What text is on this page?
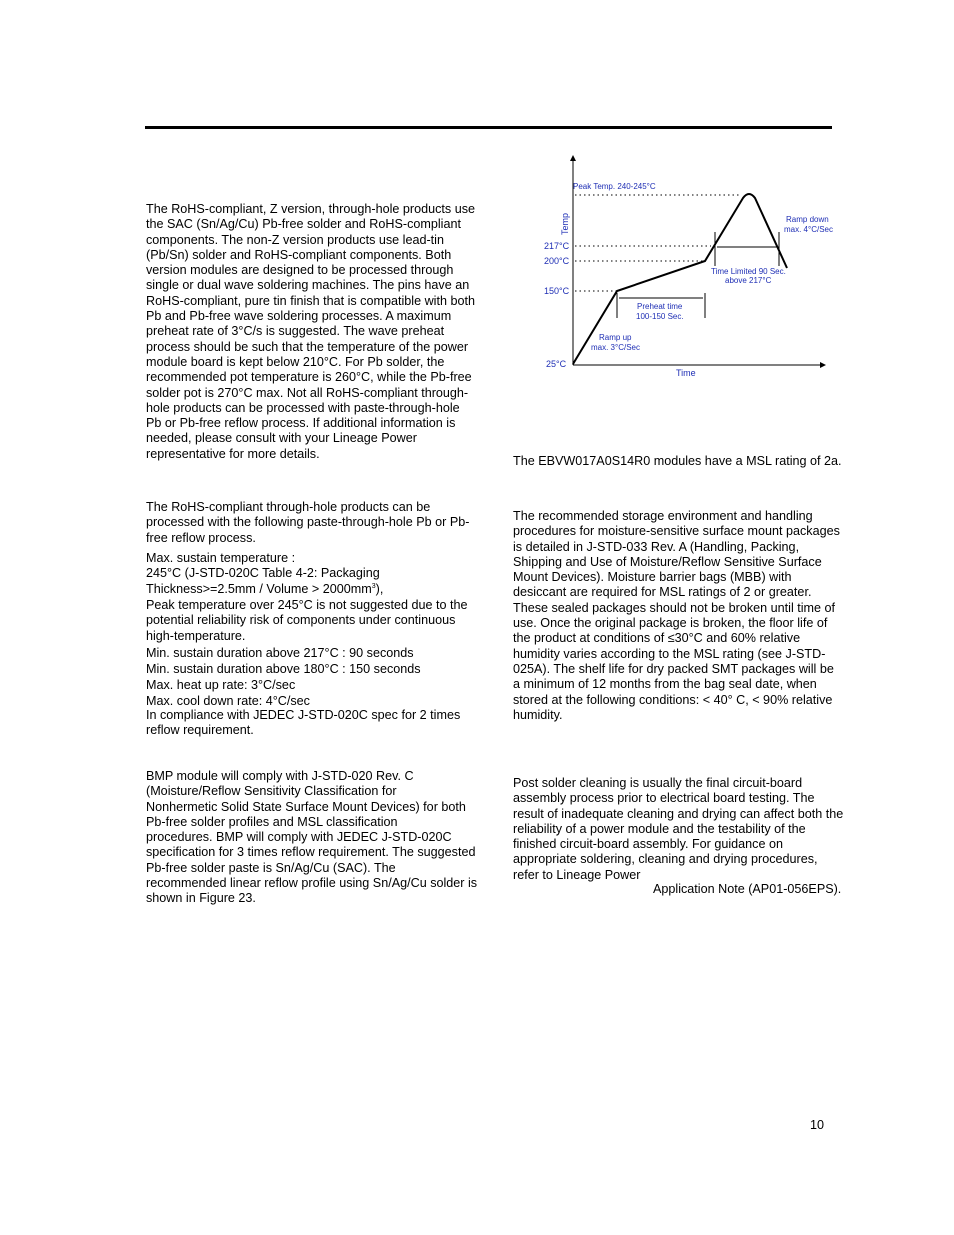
The RoHS-compliant, Z version, through-hole products use
the SAC (Sn/Ag/Cu) Pb-free solder and RoHS-compliant
components. The non-Z version products use lead-tin
(Pb/Sn) solder and RoHS-compliant components. Both
version modules are designed to be processed through
single or dual wave soldering machines. The pins have an
RoHS-compliant, pure tin finish that is compatible with both
Pb and Pb-free wave soldering processes. A maximum
preheat rate of 3°C/s is suggested. The wave preheat
process should be such that the temperature of the power
module board is kept below 210°C. For Pb solder, the
recommended pot temperature is 260°C, while the Pb-free
solder pot is 270°C max. Not all RoHS-compliant through-
hole products can be processed with paste-through-hole
Pb or Pb-free reflow process. If additional information is
needed, please consult with your Lineage Power
representative for more details.
The RoHS-compliant through-hole products can be
processed with the following paste-through-hole Pb or Pb-
free reflow process.
Max. sustain temperature :
245°C (J-STD-020C Table 4-2: Packaging
Thickness>=2.5mm / Volume > $2000mm^3$),
Peak temperature over 245°C is not suggested due to the
potential reliability risk of components under continuous
high-temperature.
Min. sustain duration above 217°C : 90 seconds
Min. sustain duration above 180°C : 150 seconds
Max. heat up rate: 3°C/sec
Max. cool down rate: 4°C/sec
In compliance with JEDEC J-STD-020C spec for 2 times
reflow requirement.
BMP module will comply with J-STD-020 Rev. C
(Moisture/Reflow Sensitivity Classification for
Nonhermetic Solid State Surface Mount Devices) for both
Pb-free solder profiles and MSL classification
procedures. BMP will comply with JEDEC J-STD-020C
specification for 3 times reflow requirement. The suggested
Pb-free solder paste is Sn/Ag/Cu (SAC). The
recommended linear reflow profile using Sn/Ag/Cu solder is
shown in Figure 23.
Temp
Time
Peak Temp. 240-245°C
217°C
200°C
150°C
25°C
Ramp down
max. 4°C/Sec
Time Limited 90 Sec.
above 217°C
Preheat time
100-150 Sec.
Ramp up
max. 3°C/Sec
The EBVW017A0S14R0 modules have a MSL rating of 2a.
The recommended storage environment and handling
procedures for moisture-sensitive surface mount packages
is detailed in J-STD-033 Rev. A (Handling, Packing,
Shipping and Use of Moisture/Reflow Sensitive Surface
Mount Devices). Moisture barrier bags (MBB) with
desiccant are required for MSL ratings of 2 or greater.
These sealed packages should not be broken until time of
use. Once the original package is broken, the floor life of
the product at conditions of ≤30°C and 60% relative
humidity varies according to the MSL rating (see J-STD-
025A). The shelf life for dry packed SMT packages will be
a minimum of 12 months from the bag seal date, when
stored at the following conditions: < 40° C, < 90% relative
humidity.
Post solder cleaning is usually the final circuit-board
assembly process prior to electrical board testing. The
result of inadequate cleaning and drying can affect both the
reliability of a power module and the testability of the
finished circuit-board assembly. For guidance on
appropriate soldering, cleaning and drying procedures,
refer to Lineage Power
Application Note (AP01-056EPS).
10
